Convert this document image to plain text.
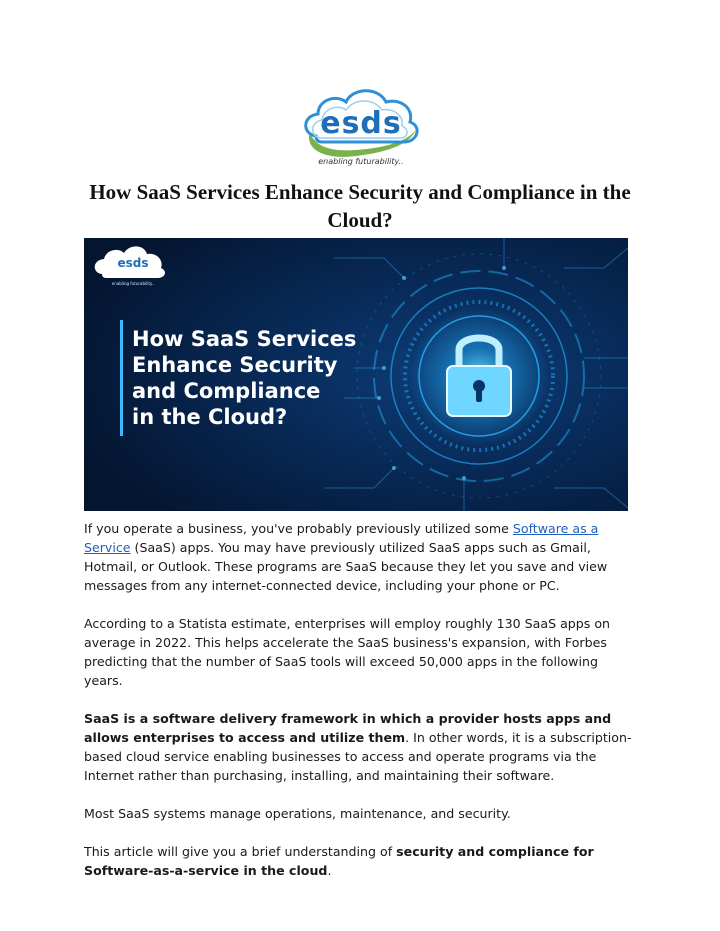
esds
enabling futurability..
How SaaS Services Enhance Security and Compliance in the Cloud?
esds
enabling futurability..
How SaaS Services
Enhance Security
and Compliance
in the Cloud?

If you operate a business, you've probably previously utilized some Software as a Service (SaaS) apps. You may have previously utilized SaaS apps such as Gmail, Hotmail, or Outlook. These programs are SaaS because they let you save and view messages from any internet-connected device, including your phone or PC.

According to a Statista estimate, enterprises will employ roughly 130 SaaS apps on average in 2022. This helps accelerate the SaaS business's expansion, with Forbes predicting that the number of SaaS tools will exceed 50,000 apps in the following years.

SaaS is a software delivery framework in which a provider hosts apps and allows enterprises to access and utilize them. In other words, it is a subscription-based cloud service enabling businesses to access and operate programs via the Internet rather than purchasing, installing, and maintaining their software.

Most SaaS systems manage operations, maintenance, and security.

This article will give you a brief understanding of security and compliance for Software-as-a-service in the cloud.
